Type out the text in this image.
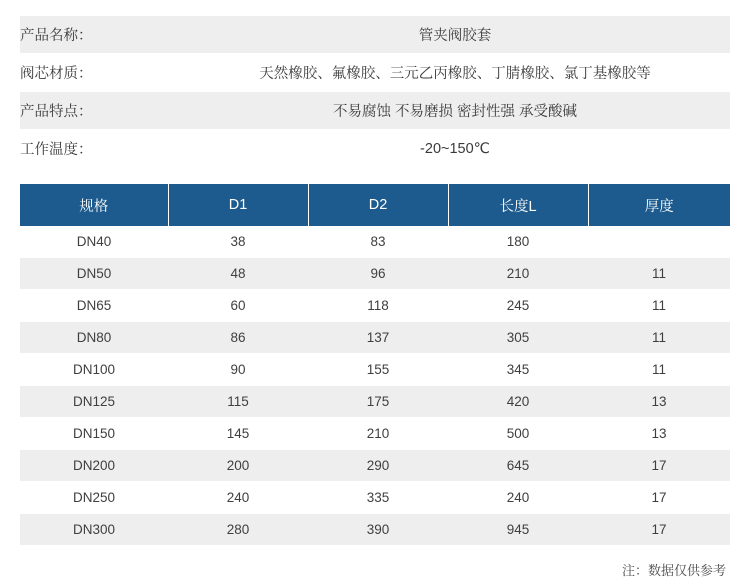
产品名称：	管夹阀胶套
阀芯材质：	天然橡胶、氟橡胶、三元乙丙橡胶、丁腈橡胶、氯丁基橡胶等
产品特点：	不易腐蚀 不易磨损 密封性强 承受酸碱
工作温度：	-20~150℃
规格	D1	D2	长度L	厚度
DN40	38	83	180	
DN50	48	96	210	11
DN65	60	118	245	11
DN80	86	137	305	11
DN100	90	155	345	11
DN125	115	175	420	13
DN150	145	210	500	13
DN200	200	290	645	17
DN250	240	335	240	17
DN300	280	390	945	17
注：数据仅供参考
